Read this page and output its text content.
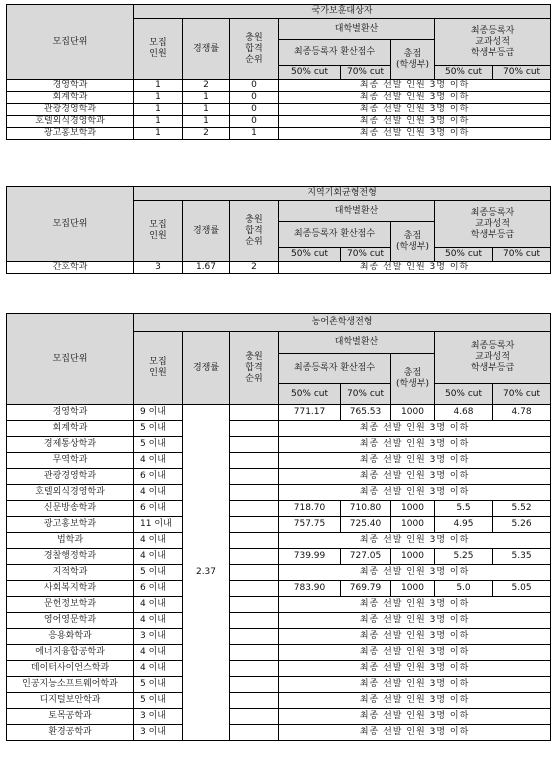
모집단위	국가보훈대상자							
	모집
인원	경쟁률	충원
합격
순위	대학별환산			최종등록자
교과성적
학생부등급	
				최종등록자 환산점수		총점
(학생부)		
				50% cut	70% cut		50% cut	70% cut
경영학과	1	2	0	최종 선발 인원 3명 이하				
회계학과	1	1	0	최종 선발 인원 3명 이하				
관광경영학과	1	1	0	최종 선발 인원 3명 이하				
호텔외식경영학과	1	1	0	최종 선발 인원 3명 이하				
광고홍보학과	1	2	1	최종 선발 인원 3명 이하				
모집단위	지역기회균형전형							
	모집
인원	경쟁률	충원
합격
순위	대학별환산			최종등록자
교과성적
학생부등급	
				최종등록자 환산점수		총점
(학생부)		
				50% cut	70% cut		50% cut	70% cut
간호학과	3	1.67	2	최종 선발 인원 3명 이하				
모집단위	농어촌학생전형							
	모집
인원	경쟁률	충원
합격
순위	대학별환산			최종등록자
교과성적
학생부등급	
				최종등록자 환산점수		총점
(학생부)		
				50% cut	70% cut		50% cut	70% cut
경영학과	9 이내	2.37		771.17	765.53	1000	4.68	4.78
회계학과	5 이내			최종 선발 인원 3명 이하				
경제통상학과	5 이내			최종 선발 인원 3명 이하				
무역학과	4 이내			최종 선발 인원 3명 이하				
관광경영학과	6 이내			최종 선발 인원 3명 이하				
호텔외식경영학과	4 이내			최종 선발 인원 3명 이하				
신문방송학과	6 이내			718.70	710.80	1000	5.5	5.52
광고홍보학과	11 이내			757.75	725.40	1000	4.95	5.26
법학과	4 이내			최종 선발 인원 3명 이하				
경찰행정학과	4 이내			739.99	727.05	1000	5.25	5.35
지적학과	5 이내			최종 선발 인원 3명 이하				
사회복지학과	6 이내			783.90	769.79	1000	5.0	5.05
문헌정보학과	4 이내			최종 선발 인원 3명 이하				
영어영문학과	4 이내			최종 선발 인원 3명 이하				
응용화학과	3 이내			최종 선발 인원 3명 이하				
에너지융합공학과	4 이내			최종 선발 인원 3명 이하				
데이터사이언스학과	4 이내			최종 선발 인원 3명 이하				
인공지능소프트웨어학과	5 이내			최종 선발 인원 3명 이하				
디지털보안학과	5 이내			최종 선발 인원 3명 이하				
토목공학과	3 이내			최종 선발 인원 3명 이하				
환경공학과	3 이내			최종 선발 인원 3명 이하				
